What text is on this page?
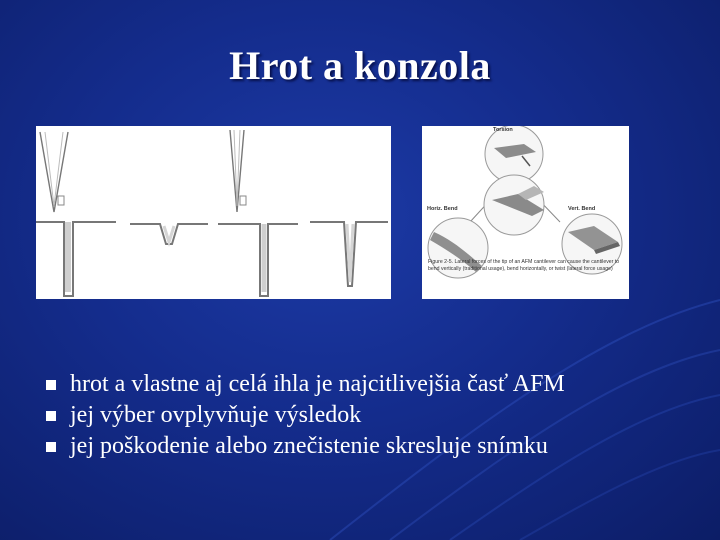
Hrot a konzola
Torsion
Horiz. Bend	Vert. Bend
Figure 2-5. Lateral forces of the tip of an AFM cantilever can cause the cantilever to bend vertically (traditional usage), bend horizontally, or twist (lateral force usage)
hrot a vlastne aj celá ihla je najcitlivejšia časť AFM
jej výber ovplyvňuje výsledok
jej poškodenie alebo znečistenie skresluje snímku
